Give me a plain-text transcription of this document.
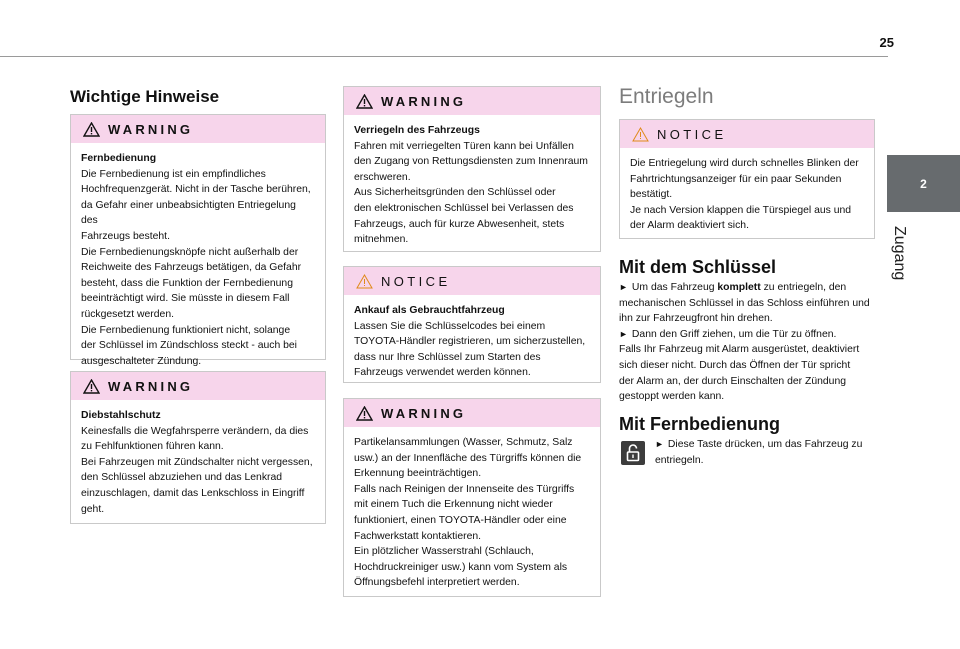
25
2
Zugang
Wichtige Hinweise
WARNING
Fernbedienung

Die Fernbedienung ist ein empfindliches

Hochfrequenzgerät. Nicht in der Tasche berühren,

da Gefahr einer unbeabsichtigten Entriegelung des

Fahrzeugs besteht.

Die Fernbedienungsknöpfe nicht außerhalb der

Reichweite des Fahrzeugs betätigen, da Gefahr

besteht, dass die Funktion der Fernbedienung

beeinträchtigt wird. Sie müsste in diesem Fall

rückgesetzt werden.

Die Fernbedienung funktioniert nicht, solange

der Schlüssel im Zündschloss steckt - auch bei

ausgeschalteter Zündung.

WARNING
Diebstahlschutz

Keinesfalls die Wegfahrsperre verändern, da dies

zu Fehlfunktionen führen kann.

Bei Fahrzeugen mit Zündschalter nicht vergessen,

den Schlüssel abzuziehen und das Lenkrad

einzuschlagen, damit das Lenkschloss in Eingriff

geht.

WARNING
Verriegeln des Fahrzeugs

Fahren mit verriegelten Türen kann bei Unfällen

den Zugang von Rettungsdiensten zum Innenraum

erschweren.

Aus Sicherheitsgründen den Schlüssel oder

den elektronischen Schlüssel bei Verlassen des

Fahrzeugs, auch für kurze Abwesenheit, stets

mitnehmen.

NOTICE
Ankauf als Gebrauchtfahrzeug

Lassen Sie die Schlüsselcodes bei einem

TOYOTA-Händler registrieren, um sicherzustellen,

dass nur Ihre Schlüssel zum Starten des

Fahrzeugs verwendet werden können.

WARNING

Partikelansammlungen (Wasser, Schmutz, Salz

usw.) an der Innenfläche des Türgriffs können die

Erkennung beeinträchtigen.

Falls nach Reinigen der Innenseite des Türgriffs

mit einem Tuch die Erkennung nicht wieder

funktioniert, einen TOYOTA-Händler oder eine

Fachwerkstatt kontaktieren.

Ein plötzlicher Wasserstrahl (Schlauch,

Hochdruckreiniger usw.) kann vom System als

Öffnungsbefehl interpretiert werden.

Entriegeln
NOTICE

Die Entriegelung wird durch schnelles Blinken der

Fahrtrichtungsanzeiger für ein paar Sekunden

bestätigt.

Je nach Version klappen die Türspiegel aus und

der Alarm deaktiviert sich.

Mit dem Schlüssel

► Um das Fahrzeug komplett zu entriegeln, den

mechanischen Schlüssel in das Schloss einführen und

ihn zur Fahrzeugfront hin drehen.

► Dann den Griff ziehen, um die Tür zu öffnen.

Falls Ihr Fahrzeug mit Alarm ausgerüstet, deaktiviert

sich dieser nicht. Durch das Öffnen der Tür spricht

der Alarm an, der durch Einschalten der Zündung

gestoppt werden kann.

Mit Fernbedienung

► Diese Taste drücken, um das Fahrzeug zu

entriegeln.
